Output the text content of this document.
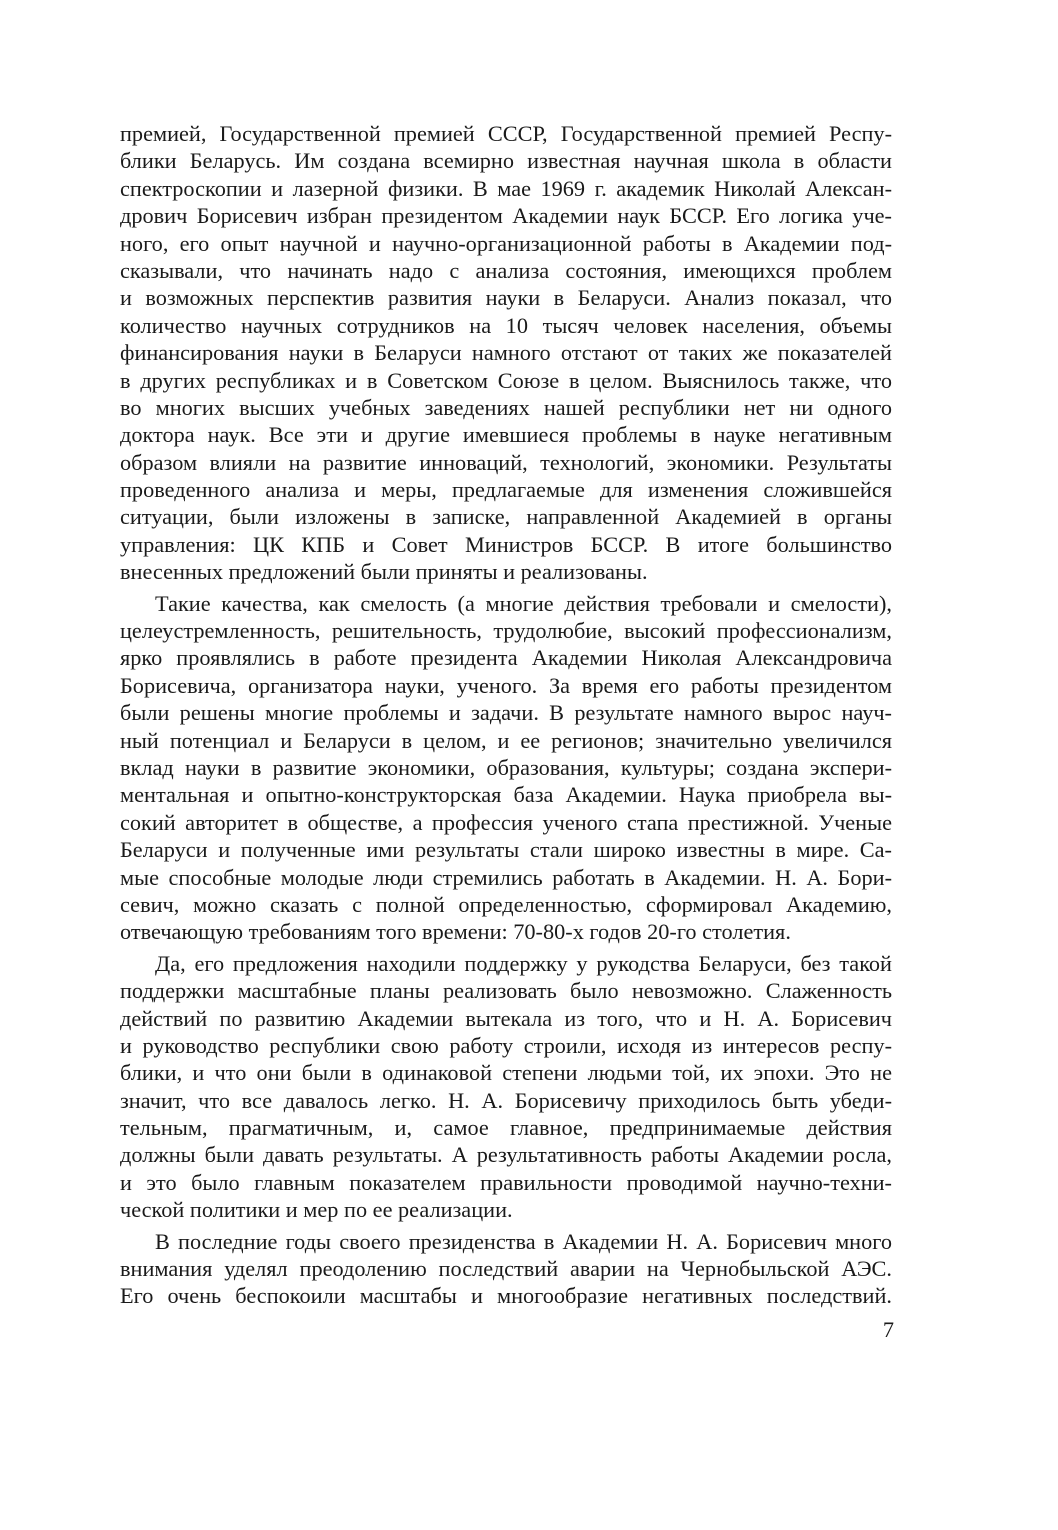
премией, Государственной премией СССР, Государственной премией Респу-
блики Беларусь. Им создана всемирно известная научная школа в области
спектроскопии и лазерной физики. В мае 1969 г. академик Николай Алексан-
дрович Борисевич избран президентом Академии наук БССР. Его логика уче-
ного, его опыт научной и научно-организационной работы в Академии под-
сказывали, что начинать надо с анализа состояния, имеющихся проблем
и возможных перспектив развития науки в Беларуси. Анализ показал, что
количество научных сотрудников на 10 тысяч человек населения, объемы
финансирования науки в Беларуси намного отстают от таких же показателей
в других республиках и в Советском Союзе в целом. Выяснилось также, что
во многих высших учебных заведениях нашей республики нет ни одного
доктора наук. Все эти и другие имевшиеся проблемы в науке негативным
образом влияли на развитие инноваций, технологий, экономики. Результаты
проведенного анализа и меры, предлагаемые для изменения сложившейся
ситуации, были изложены в записке, направленной Академией в органы
управления: ЦК КПБ и Совет Министров БССР. В итоге большинство
внесенных предложений были приняты и реализованы.
Такие качества, как смелость (а многие действия требовали и смелости),
целеустремленность, решительность, трудолюбие, высокий профессионализм,
ярко проявлялись в работе президента Академии Николая Александровича
Борисевича, организатора науки, ученого. За время его работы президентом
были решены многие проблемы и задачи. В результате намного вырос науч-
ный потенциал и Беларуси в целом, и ее регионов; значительно увеличился
вклад науки в развитие экономики, образования, культуры; создана экспери-
ментальная и опытно-конструкторская база Академии. Наука приобрела вы-
сокий авторитет в обществе, а профессия ученого стапа престижной. Ученые
Беларуси и полученные ими результаты стали широко известны в мире. Са-
мые способные молодые люди стремились работать в Академии. Н. А. Бори-
севич, можно сказать с полной определенностью, сформировал Академию,
отвечающую требованиям того времени: 70-80-х годов 20-го столетия.
Да, его предложения находили поддержку у рукодства Беларуси, без такой
поддержки масштабные планы реализовать было невозможно. Слаженность
действий по развитию Академии вытекала из того, что и Н. А. Борисевич
и руководство республики свою работу строили, исходя из интересов респу-
блики, и что они были в одинаковой степени людьми той, их эпохи. Это не
значит, что все давалось легко. Н. А. Борисевичу приходилось быть убеди-
тельным, прагматичным, и, самое главное, предпринимаемые действия
должны были давать результаты. А результативность работы Академии росла,
и это было главным показателем правильности проводимой научно-техни-
ческой политики и мер по ее реализации.
В последние годы своего президенства в Академии Н. А. Борисевич много
внимания уделял преодолению последствий аварии на Чернобыльской АЭС.
Его очень беспокоили масштабы и многообразие негативных последствий.
7
